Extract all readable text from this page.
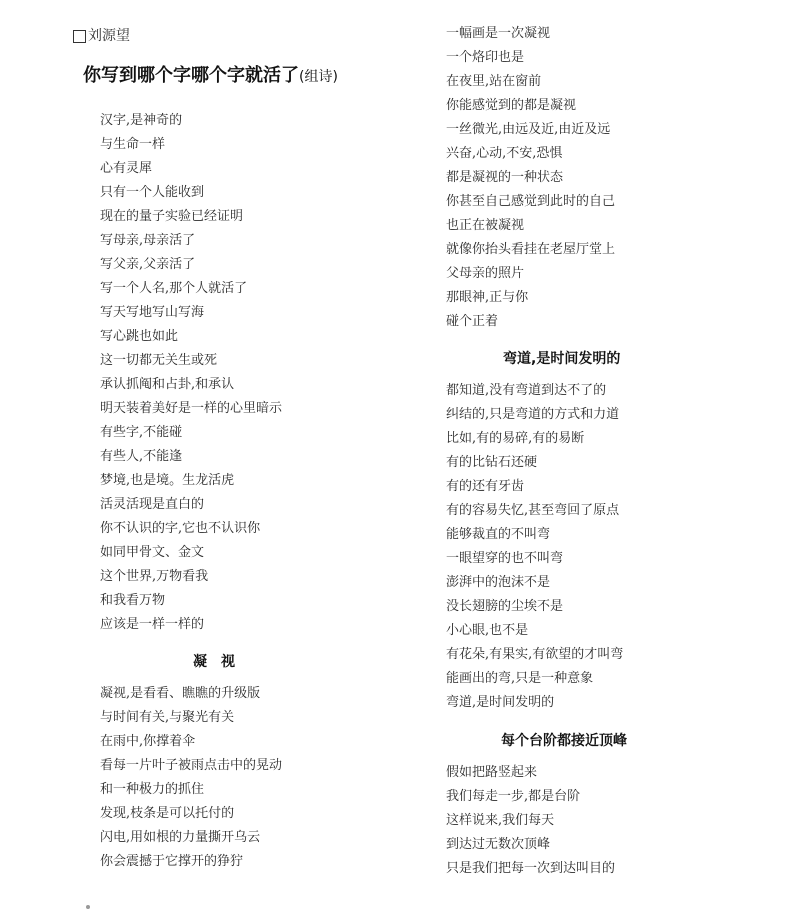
刘源望
你写到哪个字哪个字就活了(组诗)
汉字,是神奇的
与生命一样
心有灵犀
只有一个人能收到
现在的量子实验已经证明
写母亲,母亲活了
写父亲,父亲活了
写一个人名,那个人就活了
写天写地写山写海
写心跳也如此
这一切都无关生或死
承认抓阄和占卦,和承认
明天装着美好是一样的心里暗示
有些字,不能碰
有些人,不能逢
梦境,也是境。生龙活虎
活灵活现是直白的
你不认识的字,它也不认识你
如同甲骨文、金文
这个世界,万物看我
和我看万物
应该是一样一样的
凝　视
凝视,是看看、瞧瞧的升级版
与时间有关,与聚光有关
在雨中,你撑着伞
看每一片叶子被雨点击中的晃动
和一种极力的抓住
发现,枝条是可以托付的
闪电,用如根的力量撕开乌云
你会震撼于它撑开的狰狞
一幅画是一次凝视
一个烙印也是
在夜里,站在窗前
你能感觉到的都是凝视
一丝微光,由远及近,由近及远
兴奋,心动,不安,恐惧
都是凝视的一种状态
你甚至自己感觉到此时的自己
也正在被凝视
就像你抬头看挂在老屋厅堂上
父母亲的照片
那眼神,正与你
碰个正着
弯道,是时间发明的
都知道,没有弯道到达不了的
纠结的,只是弯道的方式和力道
比如,有的易碎,有的易断
有的比钻石还硬
有的还有牙齿
有的容易失忆,甚至弯回了原点
能够裁直的不叫弯
一眼望穿的也不叫弯
澎湃中的泡沫不是
没长翅膀的尘埃不是
小心眼,也不是
有花朵,有果实,有欲望的才叫弯
能画出的弯,只是一种意象
弯道,是时间发明的
每个台阶都接近顶峰
假如把路竖起来
我们每走一步,都是台阶
这样说来,我们每天
到达过无数次顶峰
只是我们把每一次到达叫目的
